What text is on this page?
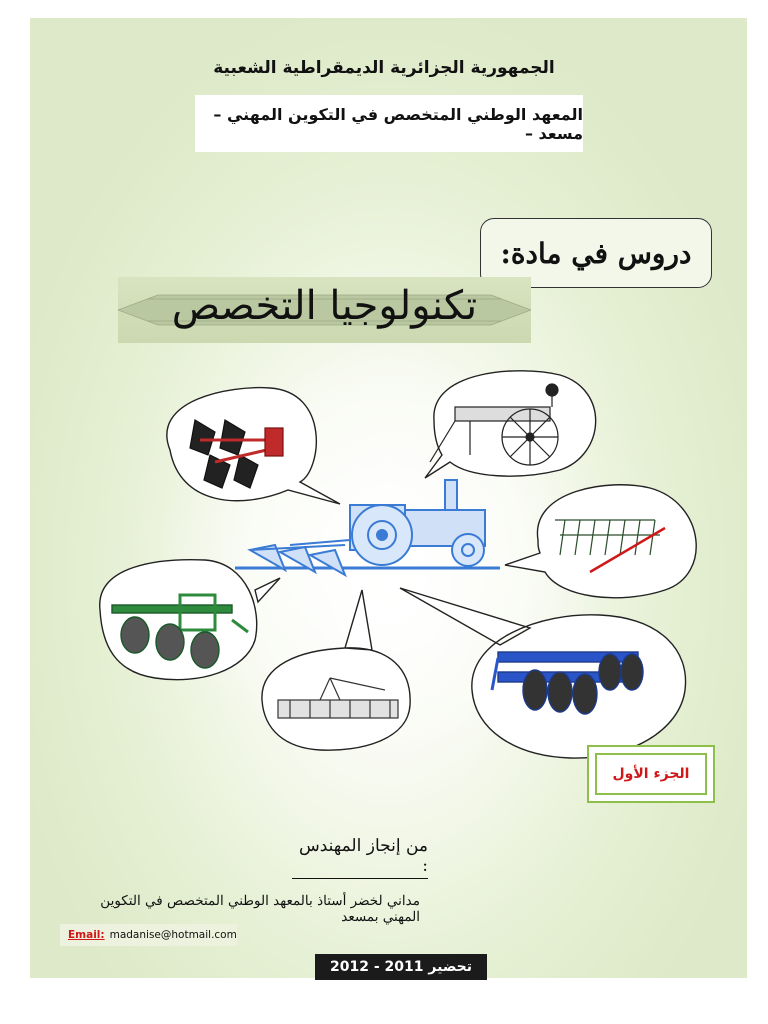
الجمهورية الجزائرية الديمقراطية الشعبية
المعهد الوطني المتخصص في التكوين المهني – مسعد –
دروس في مادة:
تكنولوجيا التخصص
الجزء الأول
من إنجاز المهندس :
مداني لخضر أستاذ بالمعهد الوطني المتخصص في التكوين المهني بمسعد
Email: madanise@hotmail.com
تحضير 2011 - 2012
